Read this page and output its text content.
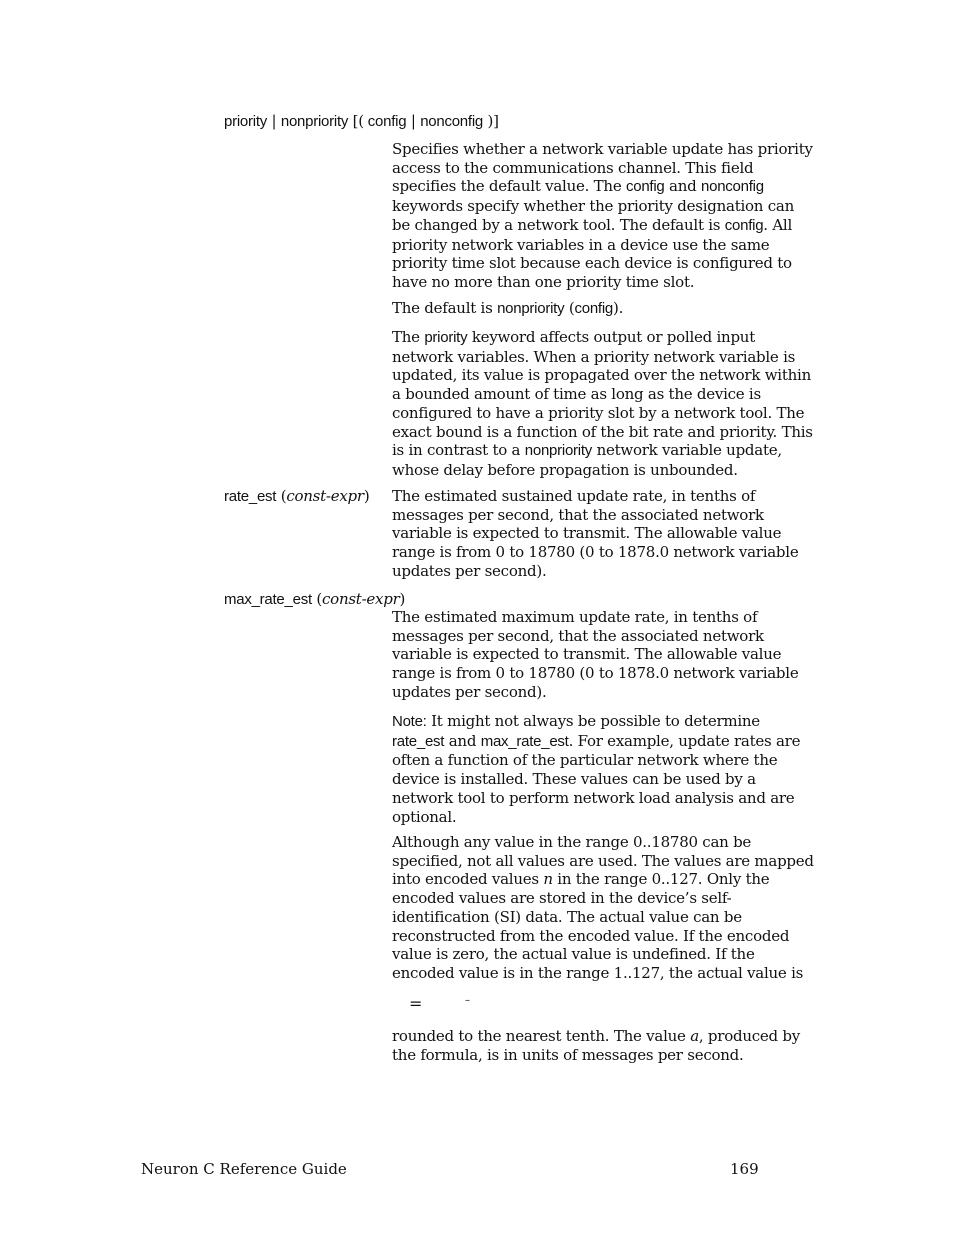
priority | nonpriority [( config | nonconfig )]

Specifies whether a network variable update has priority access to the communications channel. This field specifies the default value. The config and nonconfig keywords specify whether the priority designation can be changed by a network tool. The default is config. All priority network variables in a device use the same priority time slot because each device is configured to have no more than one priority time slot.

The default is nonpriority (config).

The priority keyword affects output or polled input network variables. When a priority network variable is updated, its value is propagated over the network within a bounded amount of time as long as the device is configured to have a priority slot by a network tool. The exact bound is a function of the bit rate and priority. This is in contrast to a nonpriority network variable update, whose delay before propagation is unbounded.

rate_est (const-expr) The estimated sustained update rate, in tenths of messages per second, that the associated network variable is expected to transmit. The allowable value range is from 0 to 18780 (0 to 1878.0 network variable updates per second).

max_rate_est (const-expr)

The estimated maximum update rate, in tenths of messages per second, that the associated network variable is expected to transmit. The allowable value range is from 0 to 18780 (0 to 1878.0 network variable updates per second).

Note: It might not always be possible to determine rate_est and max_rate_est. For example, update rates are often a function of the particular network where the device is installed. These values can be used by a network tool to perform network load analysis and are optional.

Although any value in the range 0..18780 can be specified, not all values are used. The values are mapped into encoded values n in the range 0..127. Only the encoded values are stored in the device’s self-identification (SI) data. The actual value can be reconstructed from the encoded value. If the encoded value is zero, the actual value is undefined. If the encoded value is in the range 1..127, the actual value is

=	–

rounded to the nearest tenth. The value a, produced by the formula, is in units of messages per second.

Neuron C Reference Guide	169
